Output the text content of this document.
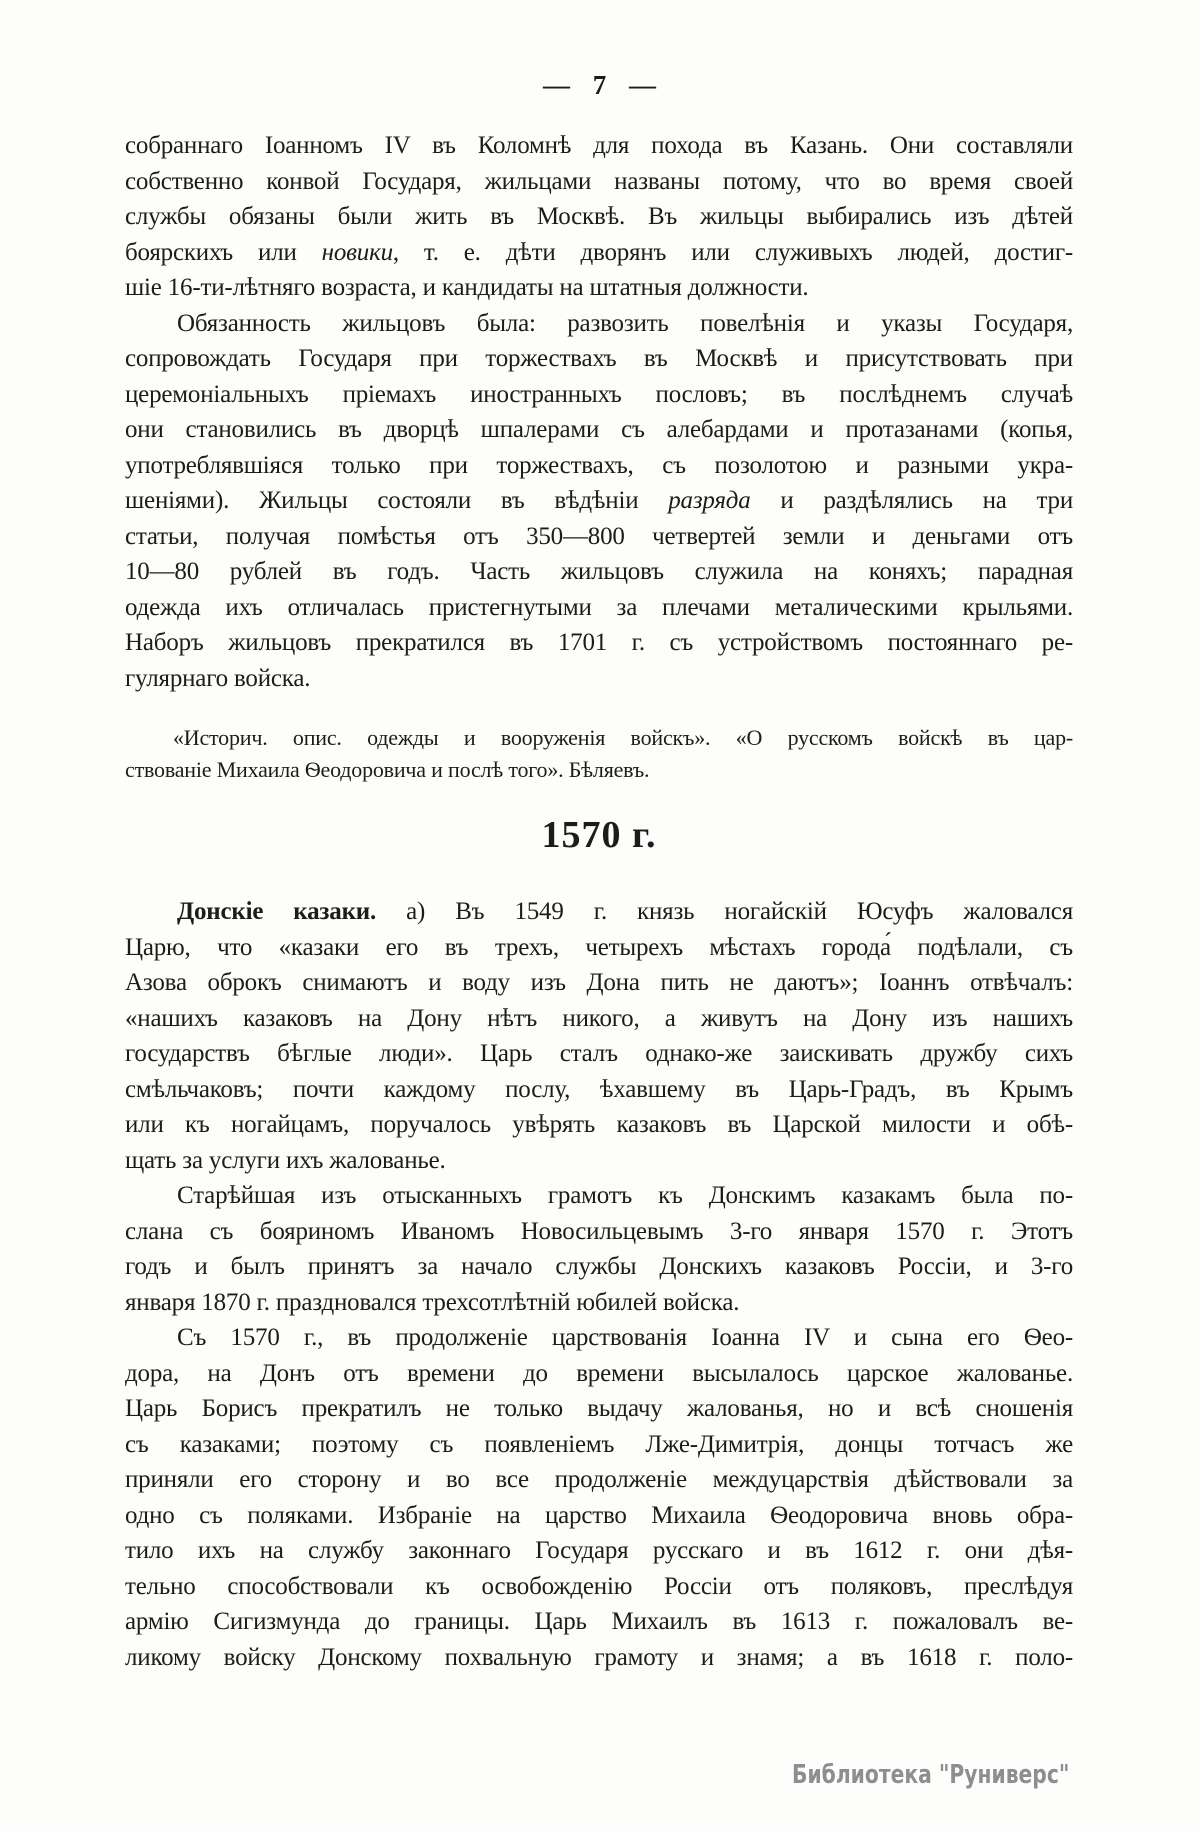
— 7 —
собраннаго Іоанномъ IV въ Коломнѣ для похода въ Казань. Они составляли
собственно конвой Государя, жильцами названы потому, что во время своей
службы обязаны были жить въ Москвѣ. Въ жильцы выбирались изъ дѣтей
боярскихъ или новики, т. е. дѣти дворянъ или служивыхъ людей, достиг-
шіе 16-ти-лѣтняго возраста, и кандидаты на штатныя должности.
Обязанность жильцовъ была: развозить повелѣнія и указы Государя,
сопровождать Государя при торжествахъ въ Москвѣ и присутствовать при
церемоніальныхъ пріемахъ иностранныхъ пословъ; въ послѣднемъ случаѣ
они становились въ дворцѣ шпалерами съ алебардами и протазанами (копья,
употреблявшіяся только при торжествахъ, съ позолотою и разными укра-
шеніями). Жильцы состояли въ вѣдѣніи разряда и раздѣлялись на три
статьи, получая помѣстья отъ 350—800 четвертей земли и деньгами отъ
10—80 рублей въ годъ. Часть жильцовъ служила на коняхъ; парадная
одежда ихъ отличалась пристегнутыми за плечами металическими крыльями.
Наборъ жильцовъ прекратился въ 1701 г. съ устройствомъ постояннаго ре-
гулярнаго войска.
«Историч. опис. одежды и вооруженія войскъ». «О русскомъ войскѣ въ цар-
ствованіе Михаила Ѳеодоровича и послѣ того». Бѣляевъ.
1570 г.
Донскіе казаки. а) Въ 1549 г. князь ногайскій Юсуфъ жаловался
Царю, что «казаки его въ трехъ, четырехъ мѣстахъ города́ подѣлали, съ
Азова оброкъ снимаютъ и воду изъ Дона пить не даютъ»; Іоаннъ отвѣчалъ:
«нашихъ казаковъ на Дону нѣтъ никого, а живутъ на Дону изъ нашихъ
государствъ бѣглые люди». Царь сталъ однако-же заискивать дружбу сихъ
смѣльчаковъ; почти каждому послу, ѣхавшему въ Царь-Градъ, въ Крымъ
или къ ногайцамъ, поручалось увѣрять казаковъ въ Царской милости и обѣ-
щать за услуги ихъ жалованье.
Старѣйшая изъ отысканныхъ грамотъ къ Донскимъ казакамъ была по-
слана съ бояриномъ Иваномъ Новосильцевымъ 3-го января 1570 г. Этотъ
годъ и былъ принятъ за начало службы Донскихъ казаковъ Россіи, и 3-го
января 1870 г. праздновался трехсотлѣтній юбилей войска.
Съ 1570 г., въ продолженіе царствованія Іоанна IV и сына его Ѳео-
дора, на Донъ отъ времени до времени высылалось царское жалованье.
Царь Борисъ прекратилъ не только выдачу жалованья, но и всѣ сношенія
съ казаками; поэтому съ появленіемъ Лже-Димитрія, донцы тотчасъ же
приняли его сторону и во все продолженіе междуцарствія дѣйствовали за
одно съ поляками. Избраніе на царство Михаила Ѳеодоровича вновь обра-
тило ихъ на службу законнаго Государя русскаго и въ 1612 г. они дѣя-
тельно способствовали къ освобожденію Россіи отъ поляковъ, преслѣдуя
армію Сигизмунда до границы. Царь Михаилъ въ 1613 г. пожаловалъ ве-
ликому войску Донскому похвальную грамоту и знамя; а въ 1618 г. поло-
Библиотека "Руниверс"
